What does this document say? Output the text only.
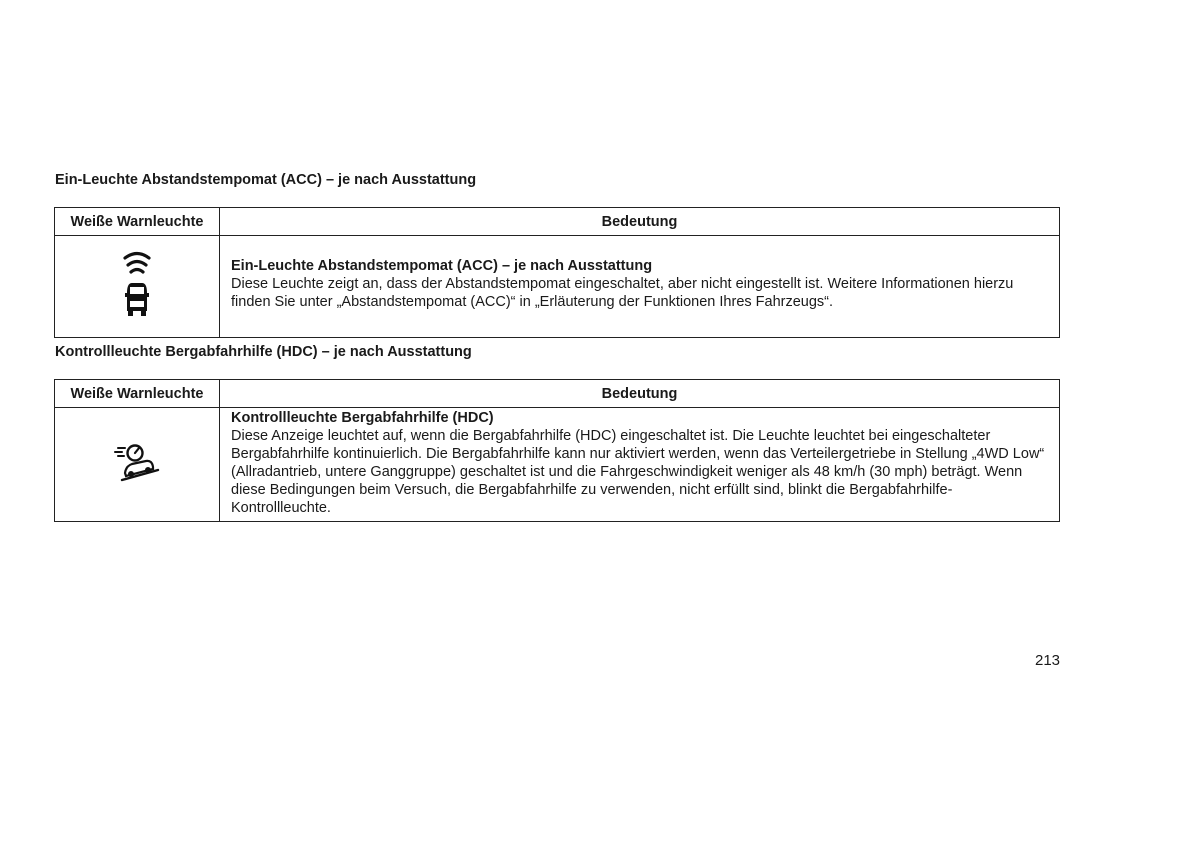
Ein-Leuchte Abstandstempomat (ACC) – je nach Ausstattung
Weiße Warnleuchte	Bedeutung

Ein-Leuchte Abstandstempomat (ACC) – je nach Ausstattung
Diese Leuchte zeigt an, dass der Abstandstempomat eingeschaltet, aber nicht eingestellt ist. Weitere Informationen hierzu finden Sie unter „Abstandstempomat (ACC)“ in „Erläuterung der Funktionen Ihres Fahrzeugs“.
Kontrollleuchte Bergabfahrhilfe (HDC) – je nach Ausstattung
Weiße Warnleuchte	Bedeutung

Kontrollleuchte Bergabfahrhilfe (HDC)
Diese Anzeige leuchtet auf, wenn die Bergabfahrhilfe (HDC) eingeschaltet ist. Die Leuchte leuchtet bei eingeschalteter Bergabfahrhilfe kontinuierlich. Die Bergabfahrhilfe kann nur aktiviert werden, wenn das Verteilergetriebe in Stellung „4WD Low“ (Allradantrieb, untere Ganggruppe) geschaltet ist und die Fahrgeschwindigkeit weniger als 48 km/h (30 mph) beträgt. Wenn diese Bedingungen beim Versuch, die Bergabfahrhilfe zu verwenden, nicht erfüllt sind, blinkt die Bergabfahrhilfe-Kontrollleuchte.
213
